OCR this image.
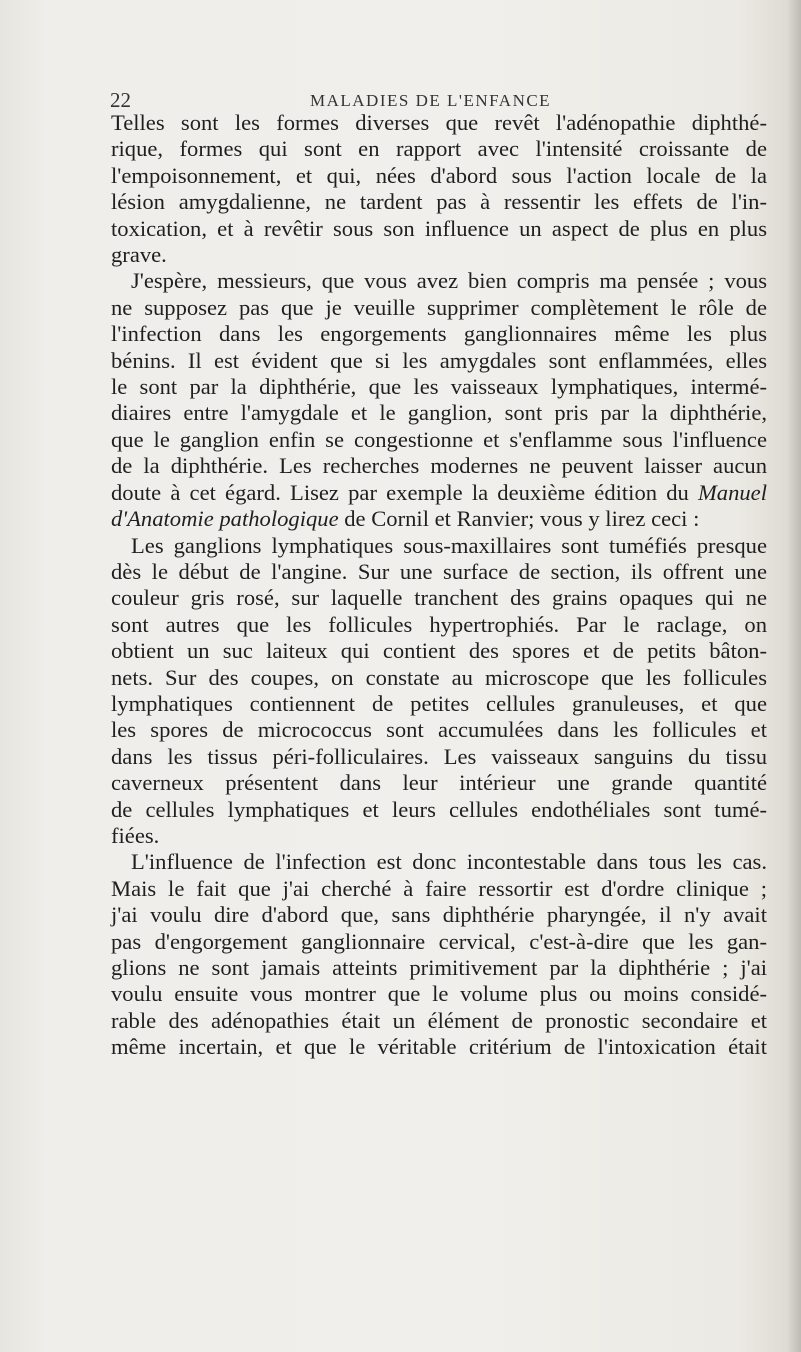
22	MALADIES DE L'ENFANCE

Telles sont les formes diverses que revêt l'adénopathie diphthé-
rique, formes qui sont en rapport avec l'intensité croissante de
l'empoisonnement, et qui, nées d'abord sous l'action locale de la
lésion amygdalienne, ne tardent pas à ressentir les effets de l'in-
toxication, et à revêtir sous son influence un aspect de plus en plus
grave.

J'espère, messieurs, que vous avez bien compris ma pensée ; vous
ne supposez pas que je veuille supprimer complètement le rôle de
l'infection dans les engorgements ganglionnaires même les plus
bénins. Il est évident que si les amygdales sont enflammées, elles
le sont par la diphthérie, que les vaisseaux lymphatiques, intermé-
diaires entre l'amygdale et le ganglion, sont pris par la diphthérie,
que le ganglion enfin se congestionne et s'enflamme sous l'influence
de la diphthérie. Les recherches modernes ne peuvent laisser aucun
doute à cet égard. Lisez par exemple la deuxième édition du Manuel
d'Anatomie pathologique de Cornil et Ranvier; vous y lirez ceci :

Les ganglions lymphatiques sous-maxillaires sont tuméfiés presque
dès le début de l'angine. Sur une surface de section, ils offrent une
couleur gris rosé, sur laquelle tranchent des grains opaques qui ne
sont autres que les follicules hypertrophiés. Par le raclage, on
obtient un suc laiteux qui contient des spores et de petits bâton-
nets. Sur des coupes, on constate au microscope que les follicules
lymphatiques contiennent de petites cellules granuleuses, et que
les spores de micrococcus sont accumulées dans les follicules et
dans les tissus péri-folliculaires. Les vaisseaux sanguins du tissu
caverneux présentent dans leur intérieur une grande quantité
de cellules lymphatiques et leurs cellules endothéliales sont tumé-
fiées.

L'influence de l'infection est donc incontestable dans tous les cas.
Mais le fait que j'ai cherché à faire ressortir est d'ordre clinique ;
j'ai voulu dire d'abord que, sans diphthérie pharyngée, il n'y avait
pas d'engorgement ganglionnaire cervical, c'est-à-dire que les gan-
glions ne sont jamais atteints primitivement par la diphthérie ; j'ai
voulu ensuite vous montrer que le volume plus ou moins considé-
rable des adénopathies était un élément de pronostic secondaire et
même incertain, et que le véritable critérium de l'intoxication était
